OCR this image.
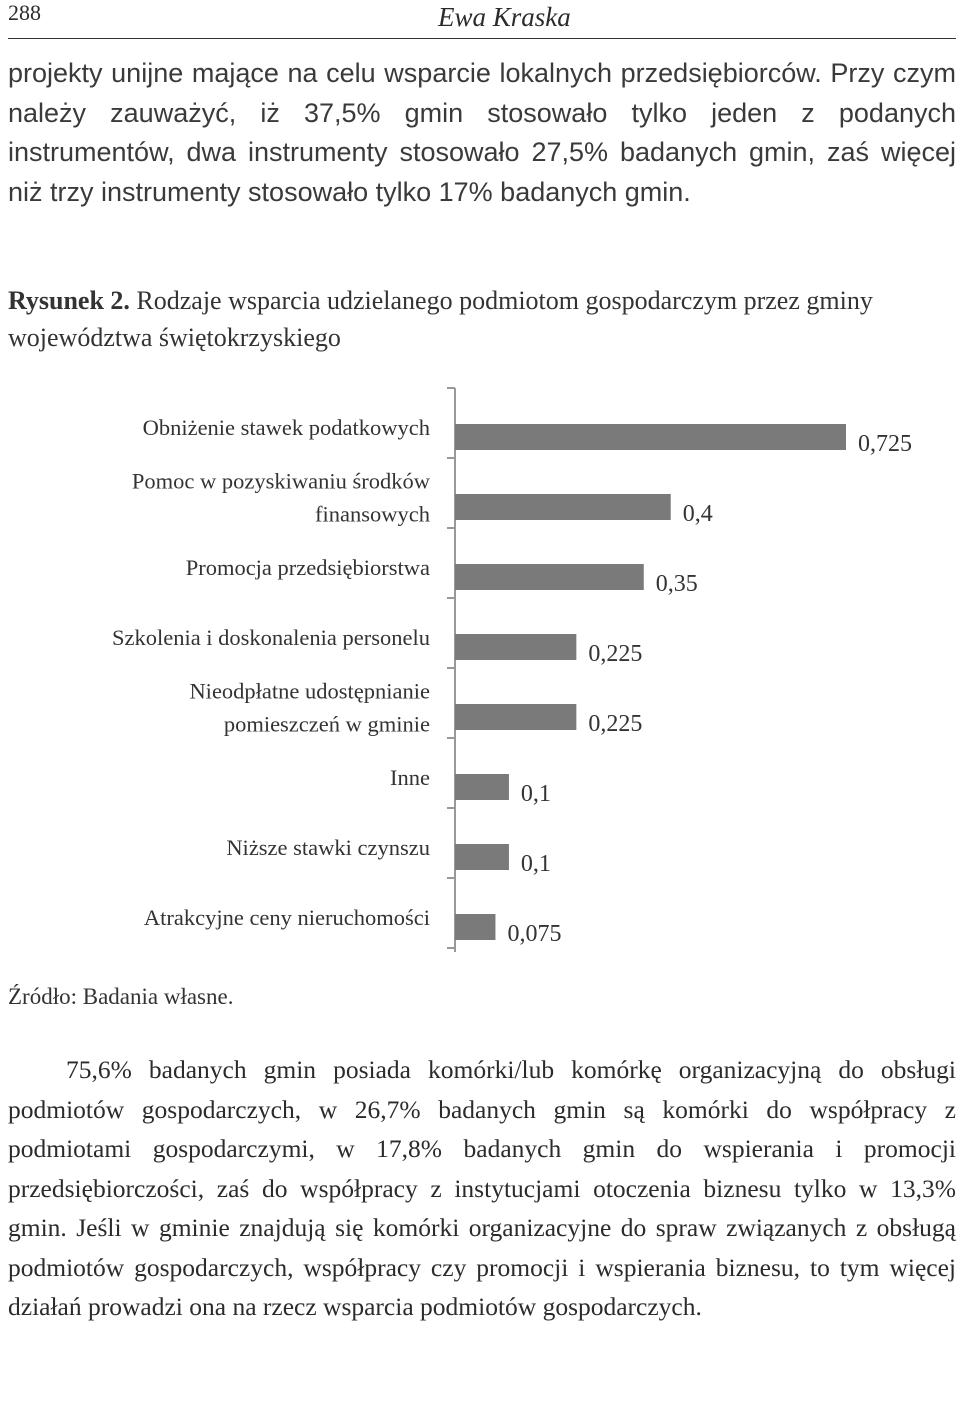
288	Ewa Kraska

projekty unijne mające na celu wsparcie lokalnych przedsiębiorców. Przy czym należy zauważyć, iż 37,5% gmin stosowało tylko jeden z podanych instrumentów, dwa instrumenty stosowało 27,5% badanych gmin, zaś więcej niż trzy instrumenty stosowało tylko 17% badanych gmin.

Rysunek 2. Rodzaje wsparcia udzielanego podmiotom gospodarczym przez gminy województwa świętokrzyskiego

0,725
Obniżenie stawek podatkowych
0,4
Pomoc w pozyskiwaniu środków
finansowych
0,35
Promocja przedsiębiorstwa
0,225
Szkolenia i doskonalenia personelu
0,225
Nieodpłatne udostępnianie
pomieszczeń w gminie
0,1
Inne
0,1
Niższe stawki czynszu
0,075
Atrakcyjne ceny nieruchomości
Źródło: Badania własne.

75,6% badanych gmin posiada komórki/lub komórkę organizacyjną do obsługi podmiotów gospodarczych, w 26,7% badanych gmin są komórki do współpracy z podmiotami gospodarczymi, w 17,8% badanych gmin do wspierania i promocji przedsiębiorczości, zaś do współpracy z instytucjami otoczenia biznesu tylko w 13,3% gmin. Jeśli w gminie znajdują się komórki organizacyjne do spraw związanych z obsługą podmiotów gospodarczych, współpracy czy promocji i wspierania biznesu, to tym więcej działań prowadzi ona na rzecz wsparcia podmiotów gospodarczych.
